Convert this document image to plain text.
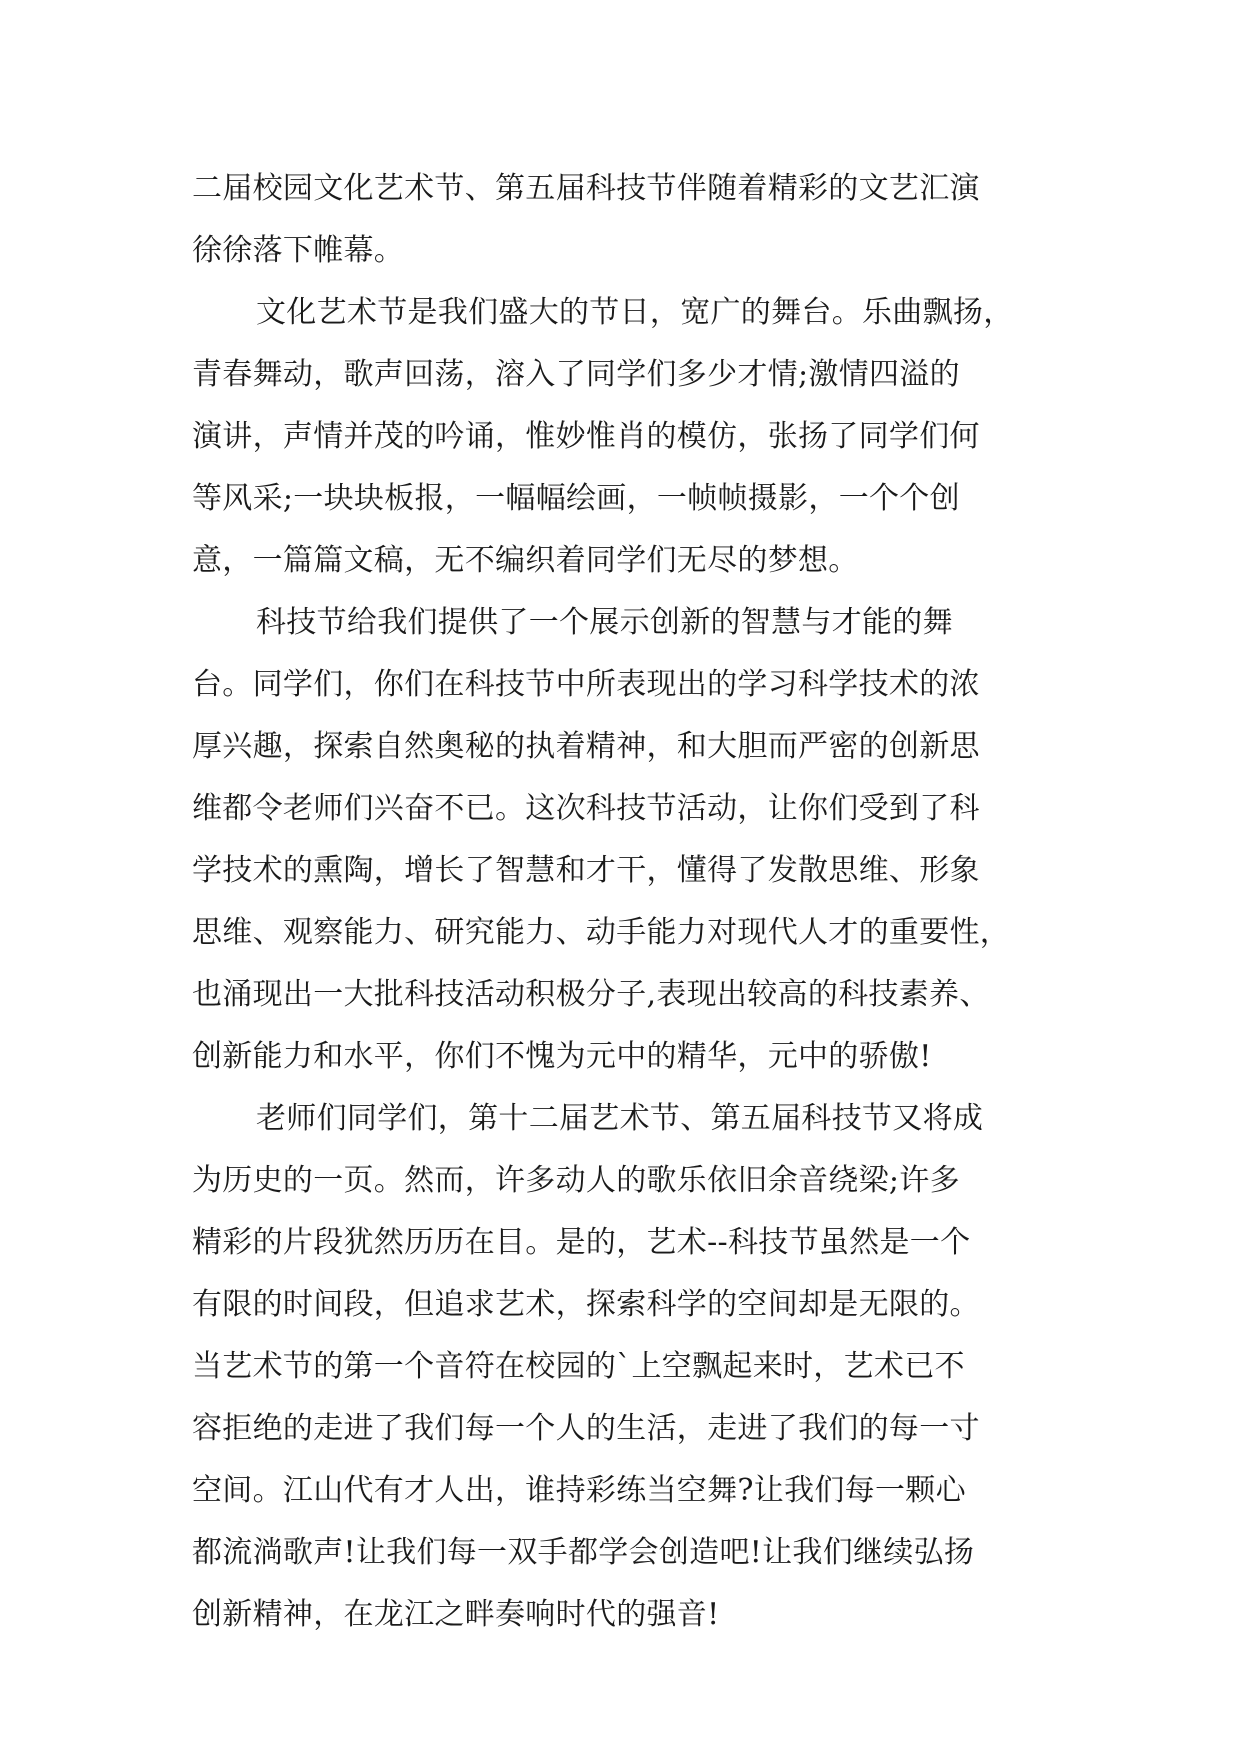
二届校园文化艺术节、第五届科技节伴随着精彩的文艺汇演
徐徐落下帷幕。
文化艺术节是我们盛大的节日，宽广的舞台。乐曲飘扬，
青春舞动，歌声回荡，溶入了同学们多少才情;激情四溢的
演讲，声情并茂的吟诵，惟妙惟肖的模仿，张扬了同学们何
等风采;一块块板报，一幅幅绘画，一帧帧摄影，一个个创
意，一篇篇文稿，无不编织着同学们无尽的梦想。
科技节给我们提供了一个展示创新的智慧与才能的舞
台。同学们，你们在科技节中所表现出的学习科学技术的浓
厚兴趣，探索自然奥秘的执着精神，和大胆而严密的创新思
维都令老师们兴奋不已。这次科技节活动，让你们受到了科
学技术的熏陶，增长了智慧和才干，懂得了发散思维、形象
思维、观察能力、研究能力、动手能力对现代人才的重要性，
也涌现出一大批科技活动积极分子,表现出较高的科技素养、
创新能力和水平，你们不愧为元中的精华，元中的骄傲!
老师们同学们，第十二届艺术节、第五届科技节又将成
为历史的一页。然而，许多动人的歌乐依旧余音绕梁;许多
精彩的片段犹然历历在目。是的，艺术--科技节虽然是一个
有限的时间段，但追求艺术，探索科学的空间却是无限的。
当艺术节的第一个音符在校园的`上空飘起来时，艺术已不
容拒绝的走进了我们每一个人的生活，走进了我们的每一寸
空间。江山代有才人出，谁持彩练当空舞?让我们每一颗心
都流淌歌声!让我们每一双手都学会创造吧!让我们继续弘扬
创新精神，在龙江之畔奏响时代的强音!
